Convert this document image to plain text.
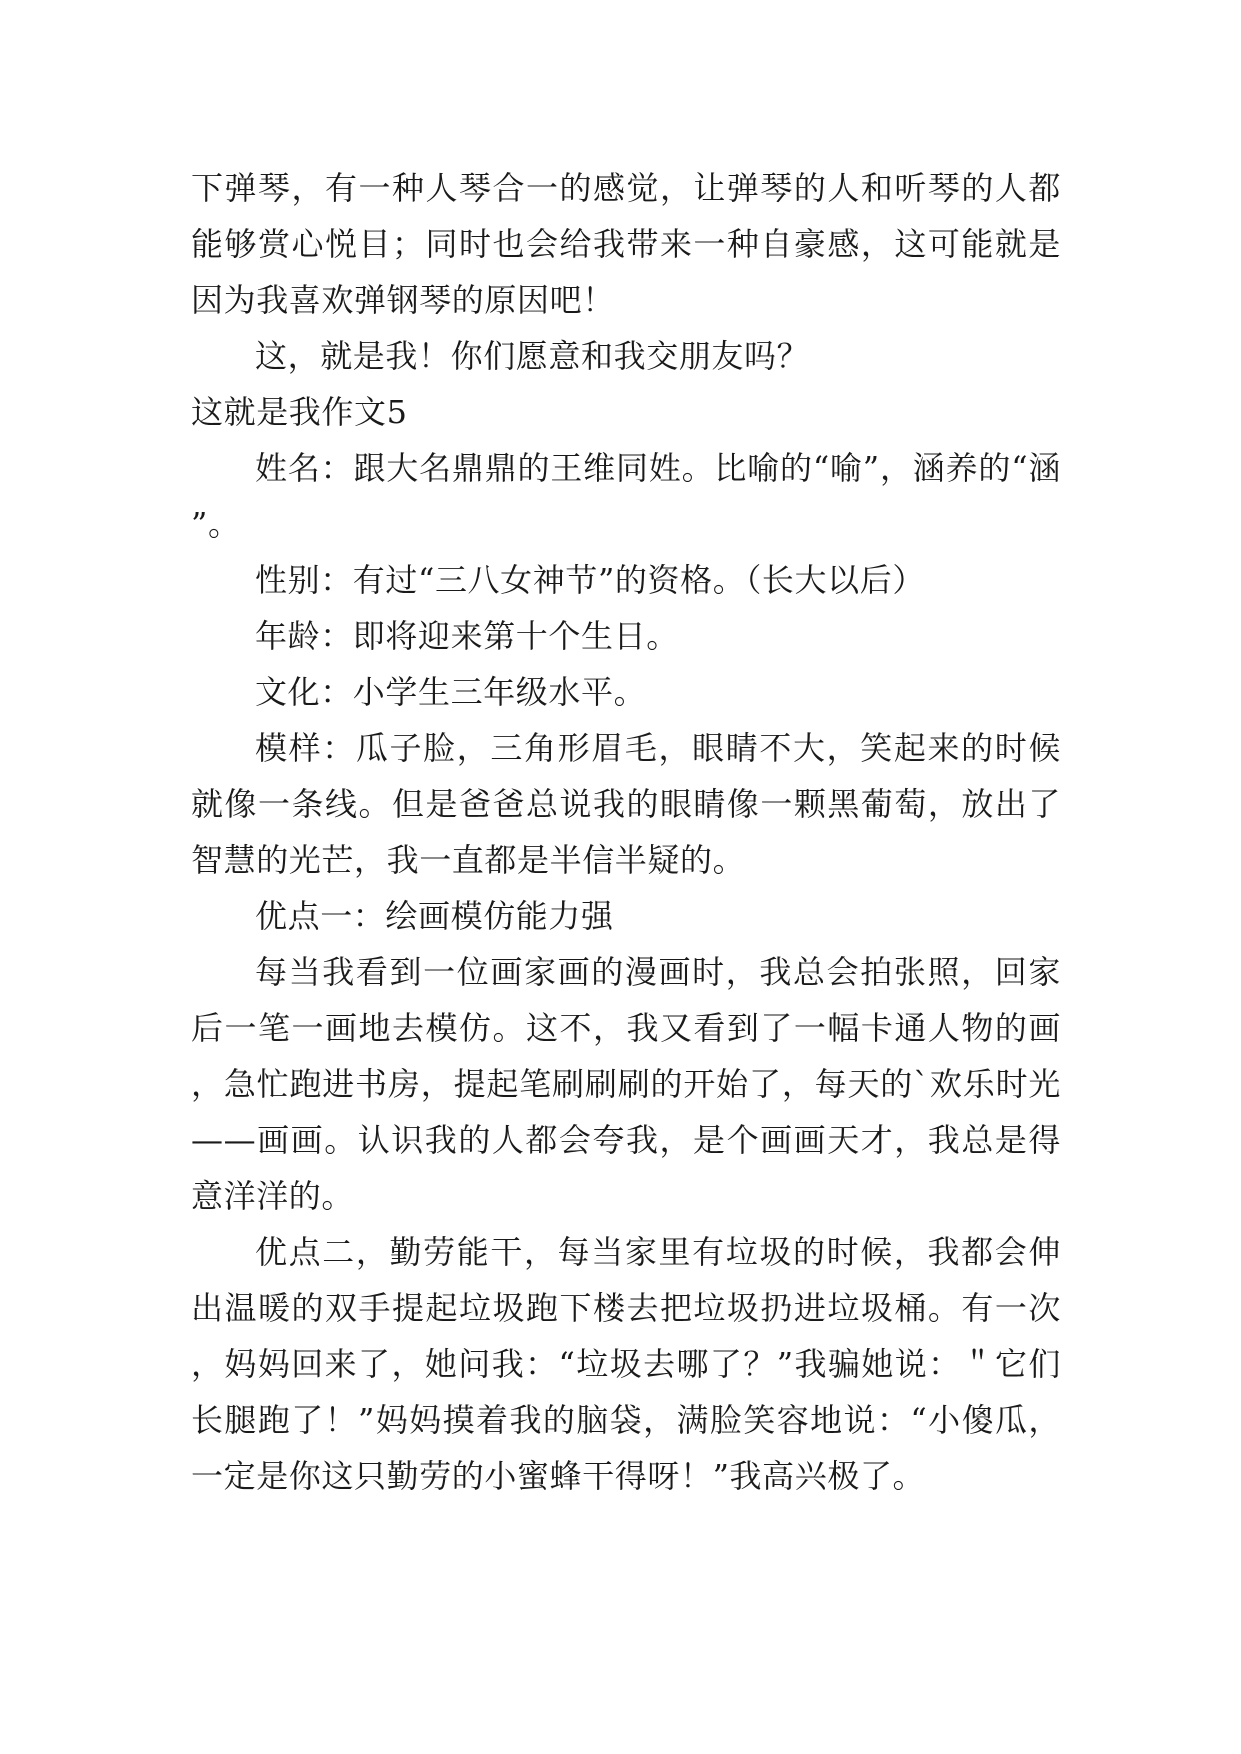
下弹琴，有一种人琴合一的感觉，让弹琴的人和听琴的人都能够赏心悦目；同时也会给我带来一种自豪感，这可能就是因为我喜欢弹钢琴的原因吧！

这，就是我！你们愿意和我交朋友吗？

这就是我作文5

姓名：跟大名鼎鼎的王维同姓。比喻的“喻”，涵养的“涵”。

性别：有过“三八女神节”的资格。（长大以后）

年龄：即将迎来第十个生日。

文化：小学生三年级水平。

模样：瓜子脸，三角形眉毛，眼睛不大，笑起来的时候就像一条线。但是爸爸总说我的眼睛像一颗黑葡萄，放出了智慧的光芒，我一直都是半信半疑的。

优点一：绘画模仿能力强

每当我看到一位画家画的漫画时，我总会拍张照，回家后一笔一画地去模仿。这不，我又看到了一幅卡通人物的画，急忙跑进书房，提起笔刷刷刷的开始了，每天的`欢乐时光——画画。认识我的人都会夸我，是个画画天才，我总是得意洋洋的。

优点二，勤劳能干，每当家里有垃圾的时候，我都会伸出温暖的双手提起垃圾跑下楼去把垃圾扔进垃圾桶。有一次，妈妈回来了，她问我：“垃圾去哪了？”我骗她说：＂它们长腿跑了！”妈妈摸着我的脑袋，满脸笑容地说：“小傻瓜，一定是你这只勤劳的小蜜蜂干得呀！”我高兴极了。
